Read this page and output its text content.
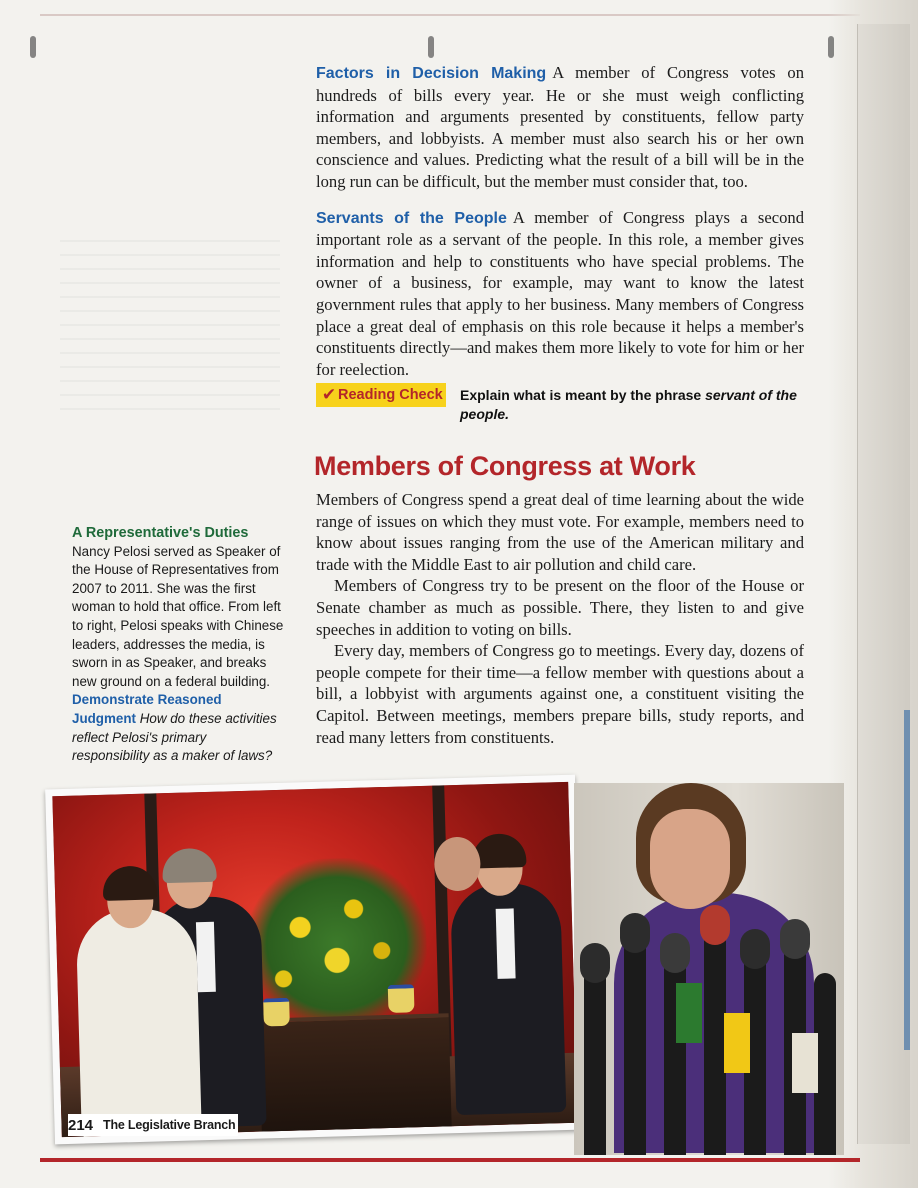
Factors in Decision Making A member of Congress votes on hundreds of bills every year. He or she must weigh conflicting information and arguments presented by constituents, fellow party members, and lobbyists. A member must also search his or her own conscience and values. Predicting what the result of a bill will be in the long run can be difficult, but the member must consider that, too.

Servants of the People A member of Congress plays a second important role as a servant of the people. In this role, a member gives information and help to constituents who have special problems. The owner of a business, for example, may want to know the latest government rules that apply to her business. Many members of Congress place a great deal of emphasis on this role because it helps a member's constituents directly—and makes them more likely to vote for him or her for reelection.

✔ Reading Check Explain what is meant by the phrase servant of the people.
Members of Congress at Work

Members of Congress spend a great deal of time learning about the wide range of issues on which they must vote. For example, members need to know about issues ranging from the use of the American military and trade with the Middle East to air pollution and child care.

Members of Congress try to be present on the floor of the House or Senate chamber as much as possible. There, they listen to and give speeches in addition to voting on bills.

Every day, members of Congress go to meetings. Every day, dozens of people compete for their time—a fellow member with questions about a bill, a lobbyist with arguments against one, a constituent visiting the Capitol. Between meetings, members prepare bills, study reports, and read many letters from constituents.

A Representative's Duties
Nancy Pelosi served as Speaker of the House of Representatives from 2007 to 2011. She was the first woman to hold that office. From left to right, Pelosi speaks with Chinese leaders, addresses the media, is sworn in as Speaker, and breaks new ground on a federal building. Demonstrate Reasoned Judgment How do these activities reflect Pelosi's primary responsibility as a maker of laws?
214 The Legislative Branch
